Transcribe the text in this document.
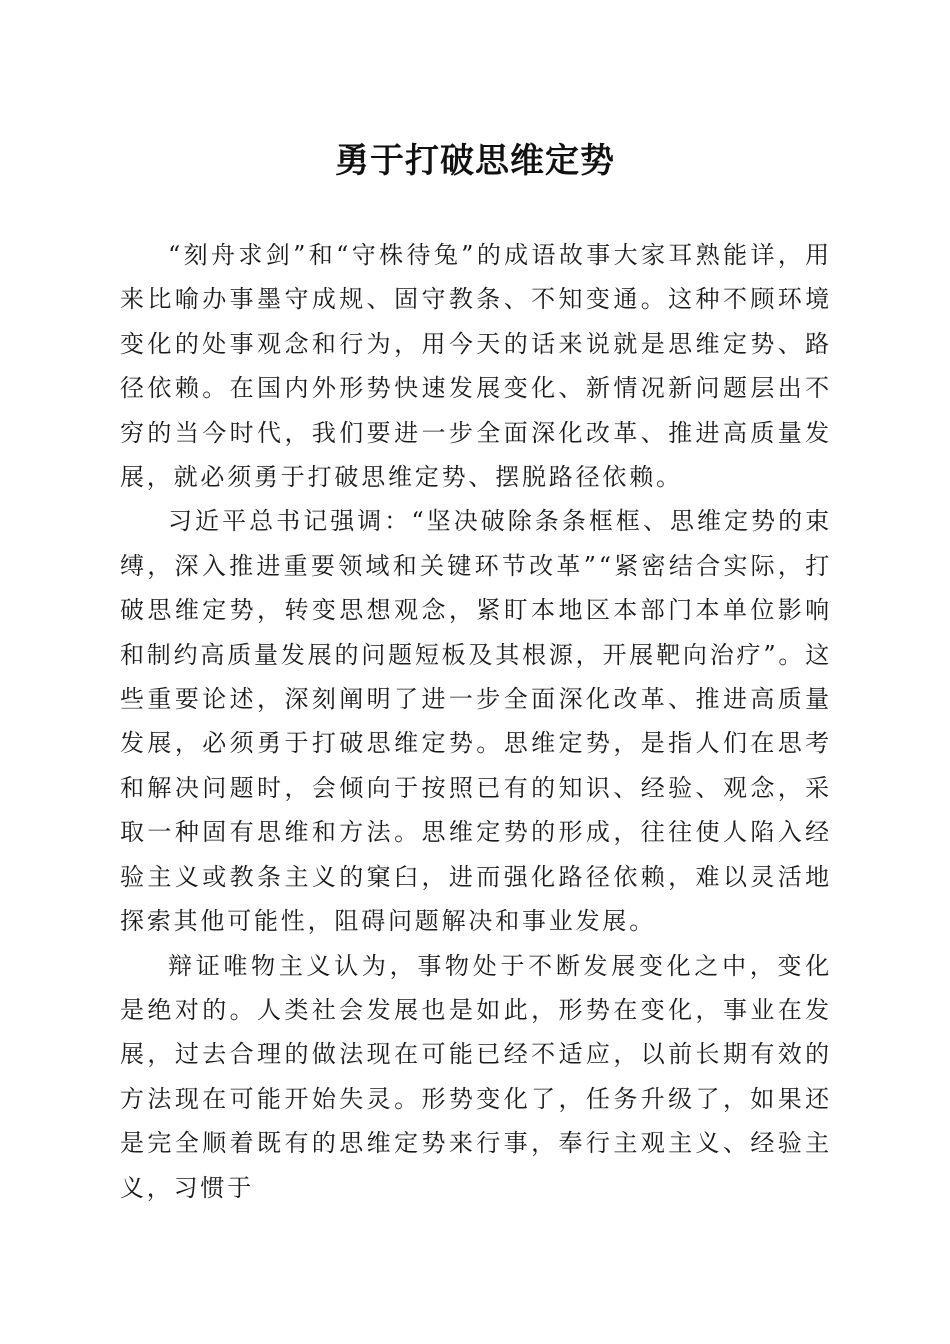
勇于打破思维定势

“刻舟求剑”和“守株待兔”的成语故事大家耳熟能详，用来比喻办事墨守成规、固守教条、不知变通。这种不顾环境变化的处事观念和行为，用今天的话来说就是思维定势、路径依赖。在国内外形势快速发展变化、新情况新问题层出不穷的当今时代，我们要进一步全面深化改革、推进高质量发展，就必须勇于打破思维定势、摆脱路径依赖。

习近平总书记强调：“坚决破除条条框框、思维定势的束缚，深入推进重要领域和关键环节改革”“紧密结合实际，打破思维定势，转变思想观念，紧盯本地区本部门本单位影响和制约高质量发展的问题短板及其根源，开展靶向治疗”。这些重要论述，深刻阐明了进一步全面深化改革、推进高质量发展，必须勇于打破思维定势。思维定势，是指人们在思考和解决问题时，会倾向于按照已有的知识、经验、观念，采取一种固有思维和方法。思维定势的形成，往往使人陷入经验主义或教条主义的窠臼，进而强化路径依赖，难以灵活地探索其他可能性，阻碍问题解决和事业发展。

辩证唯物主义认为，事物处于不断发展变化之中，变化是绝对的。人类社会发展也是如此，形势在变化，事业在发展，过去合理的做法现在可能已经不适应，以前长期有效的方法现在可能开始失灵。形势变化了，任务升级了，如果还是完全顺着既有的思维定势来行事，奉行主观主义、经验主义，习惯于
